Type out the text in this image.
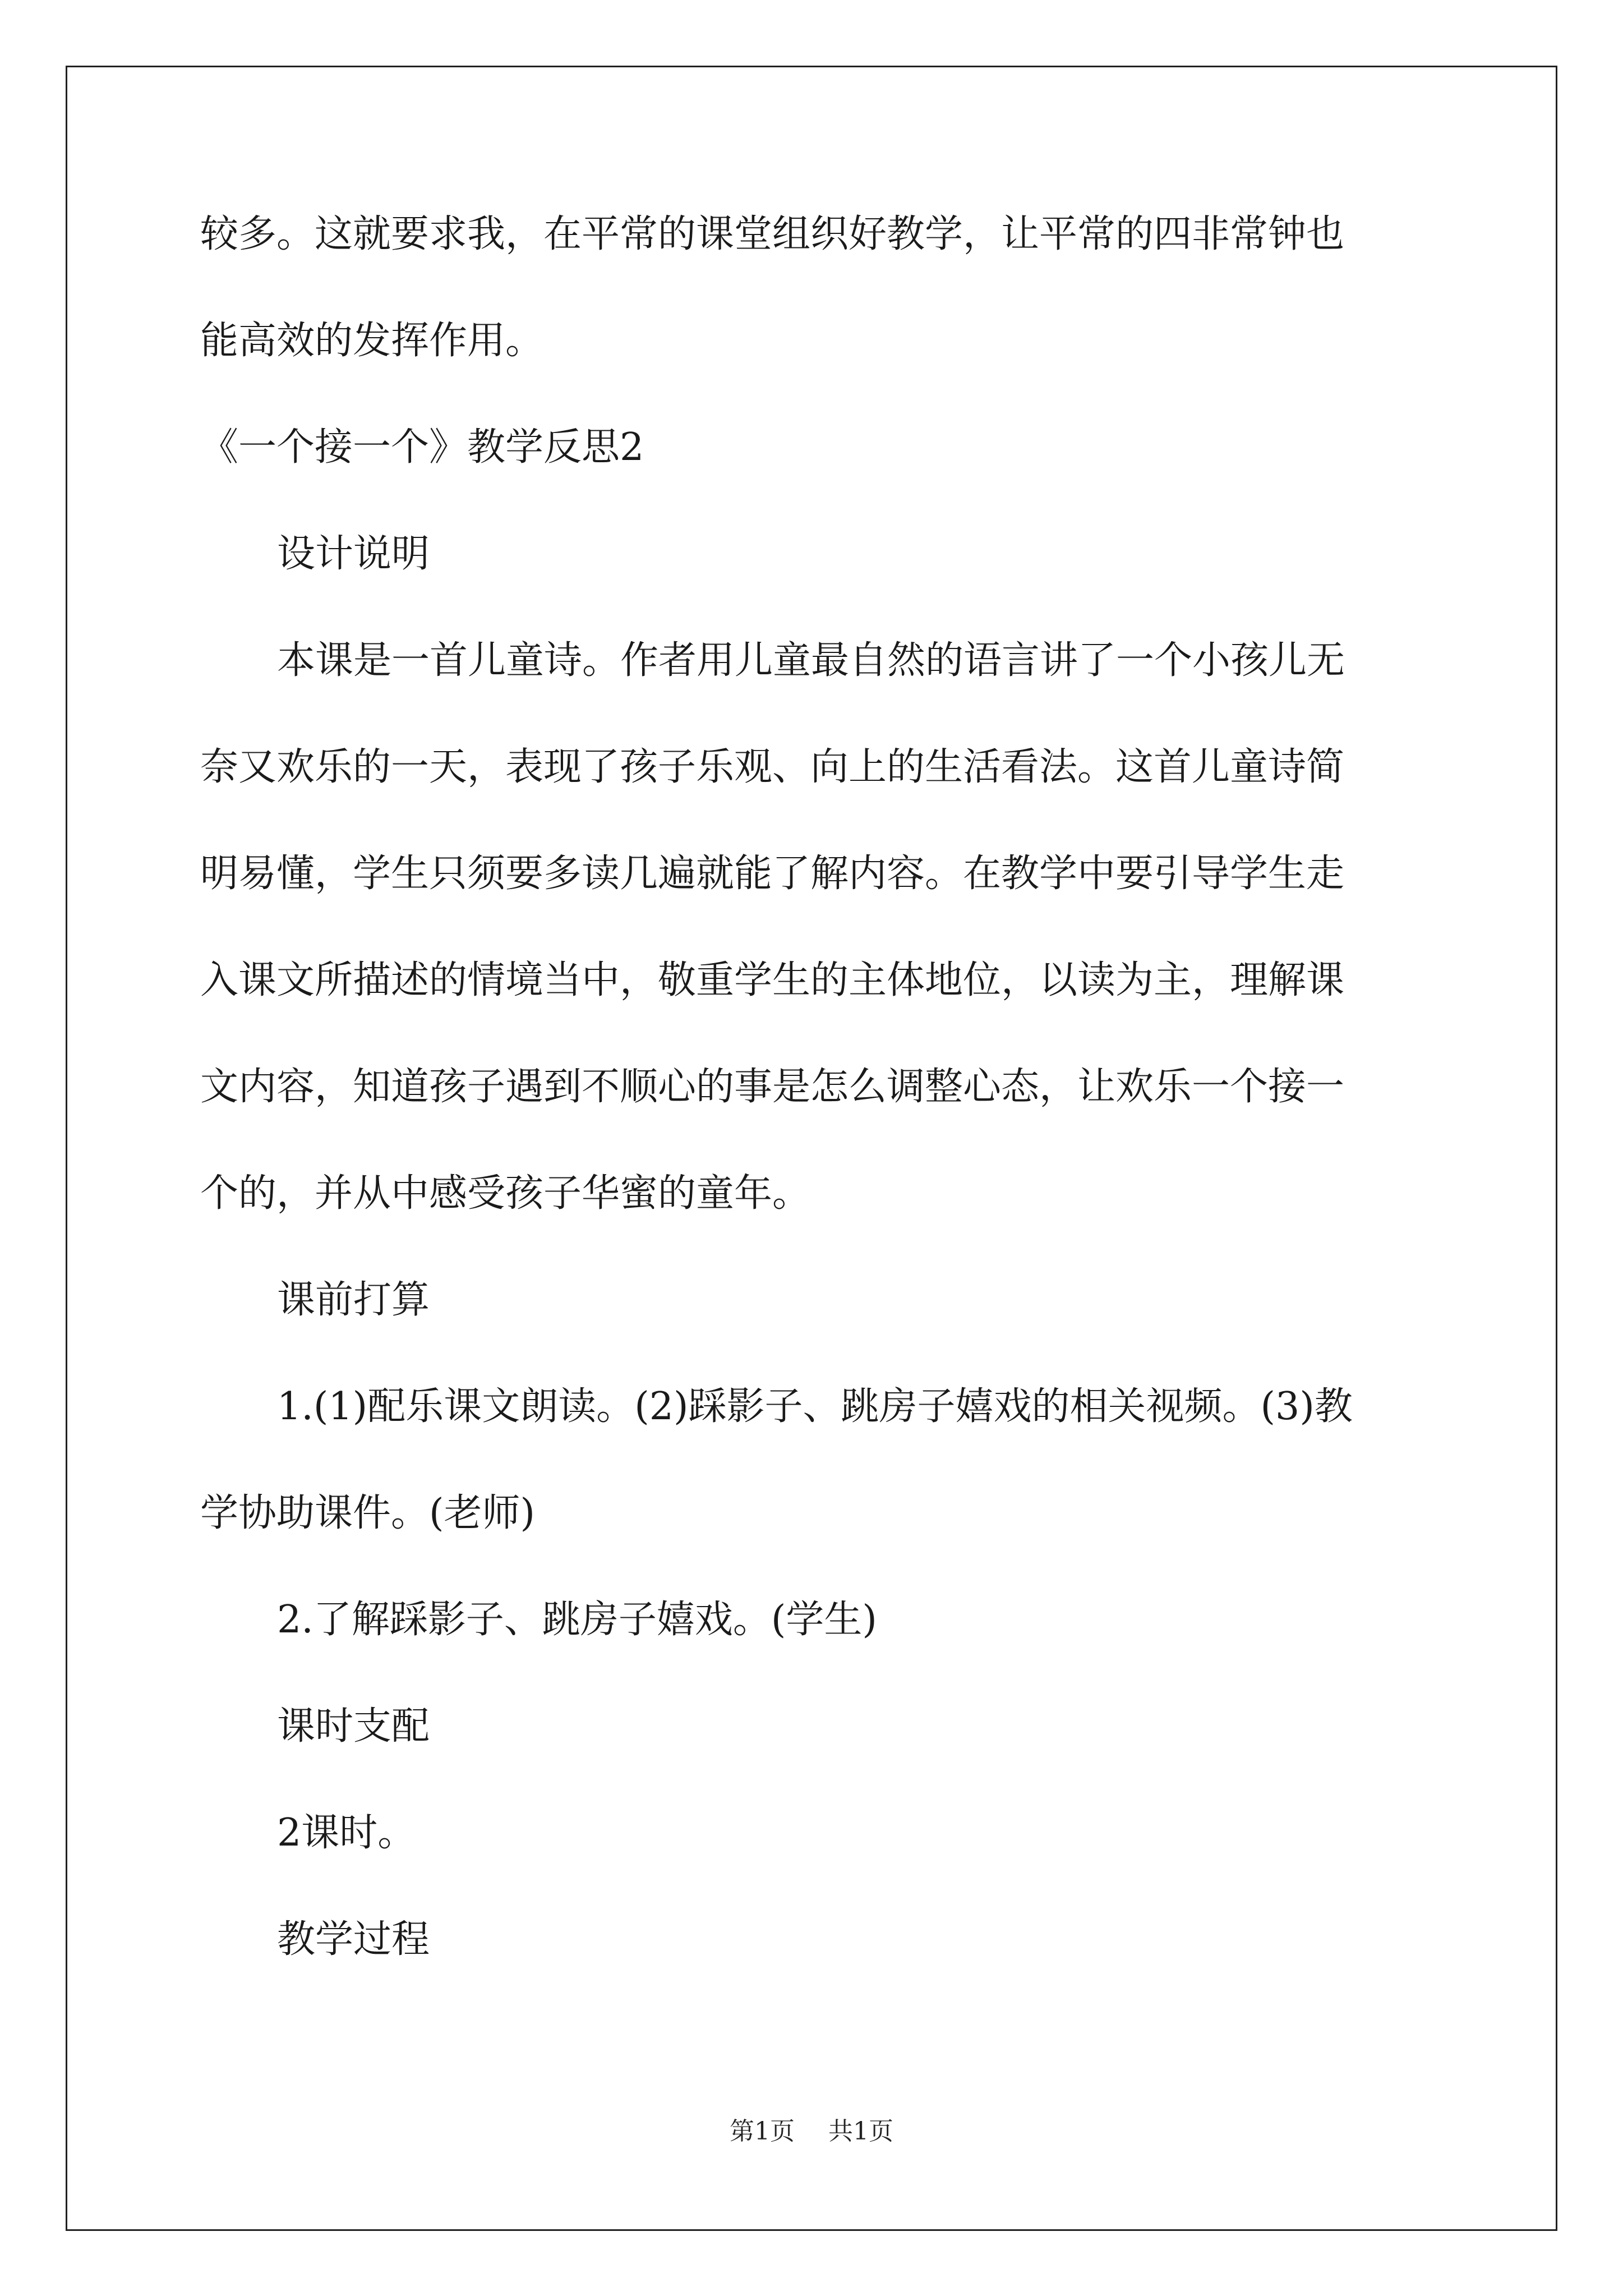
较多。这就要求我，在平常的课堂组织好教学，让平常的四非常钟也

能高效的发挥作用。

《一个接一个》教学反思2

设计说明

本课是一首儿童诗。作者用儿童最自然的语言讲了一个小孩儿无

奈又欢乐的一天，表现了孩子乐观、向上的生活看法。这首儿童诗简

明易懂，学生只须要多读几遍就能了解内容。在教学中要引导学生走

入课文所描述的情境当中，敬重学生的主体地位，以读为主，理解课

文内容，知道孩子遇到不顺心的事是怎么调整心态，让欢乐一个接一

个的，并从中感受孩子华蜜的童年。

课前打算

1.(1)配乐课文朗读。(2)踩影子、跳房子嬉戏的相关视频。(3)教

学协助课件。(老师)

2.了解踩影子、跳房子嬉戏。(学生)

课时支配

2课时。

教学过程

第1页 共1页
